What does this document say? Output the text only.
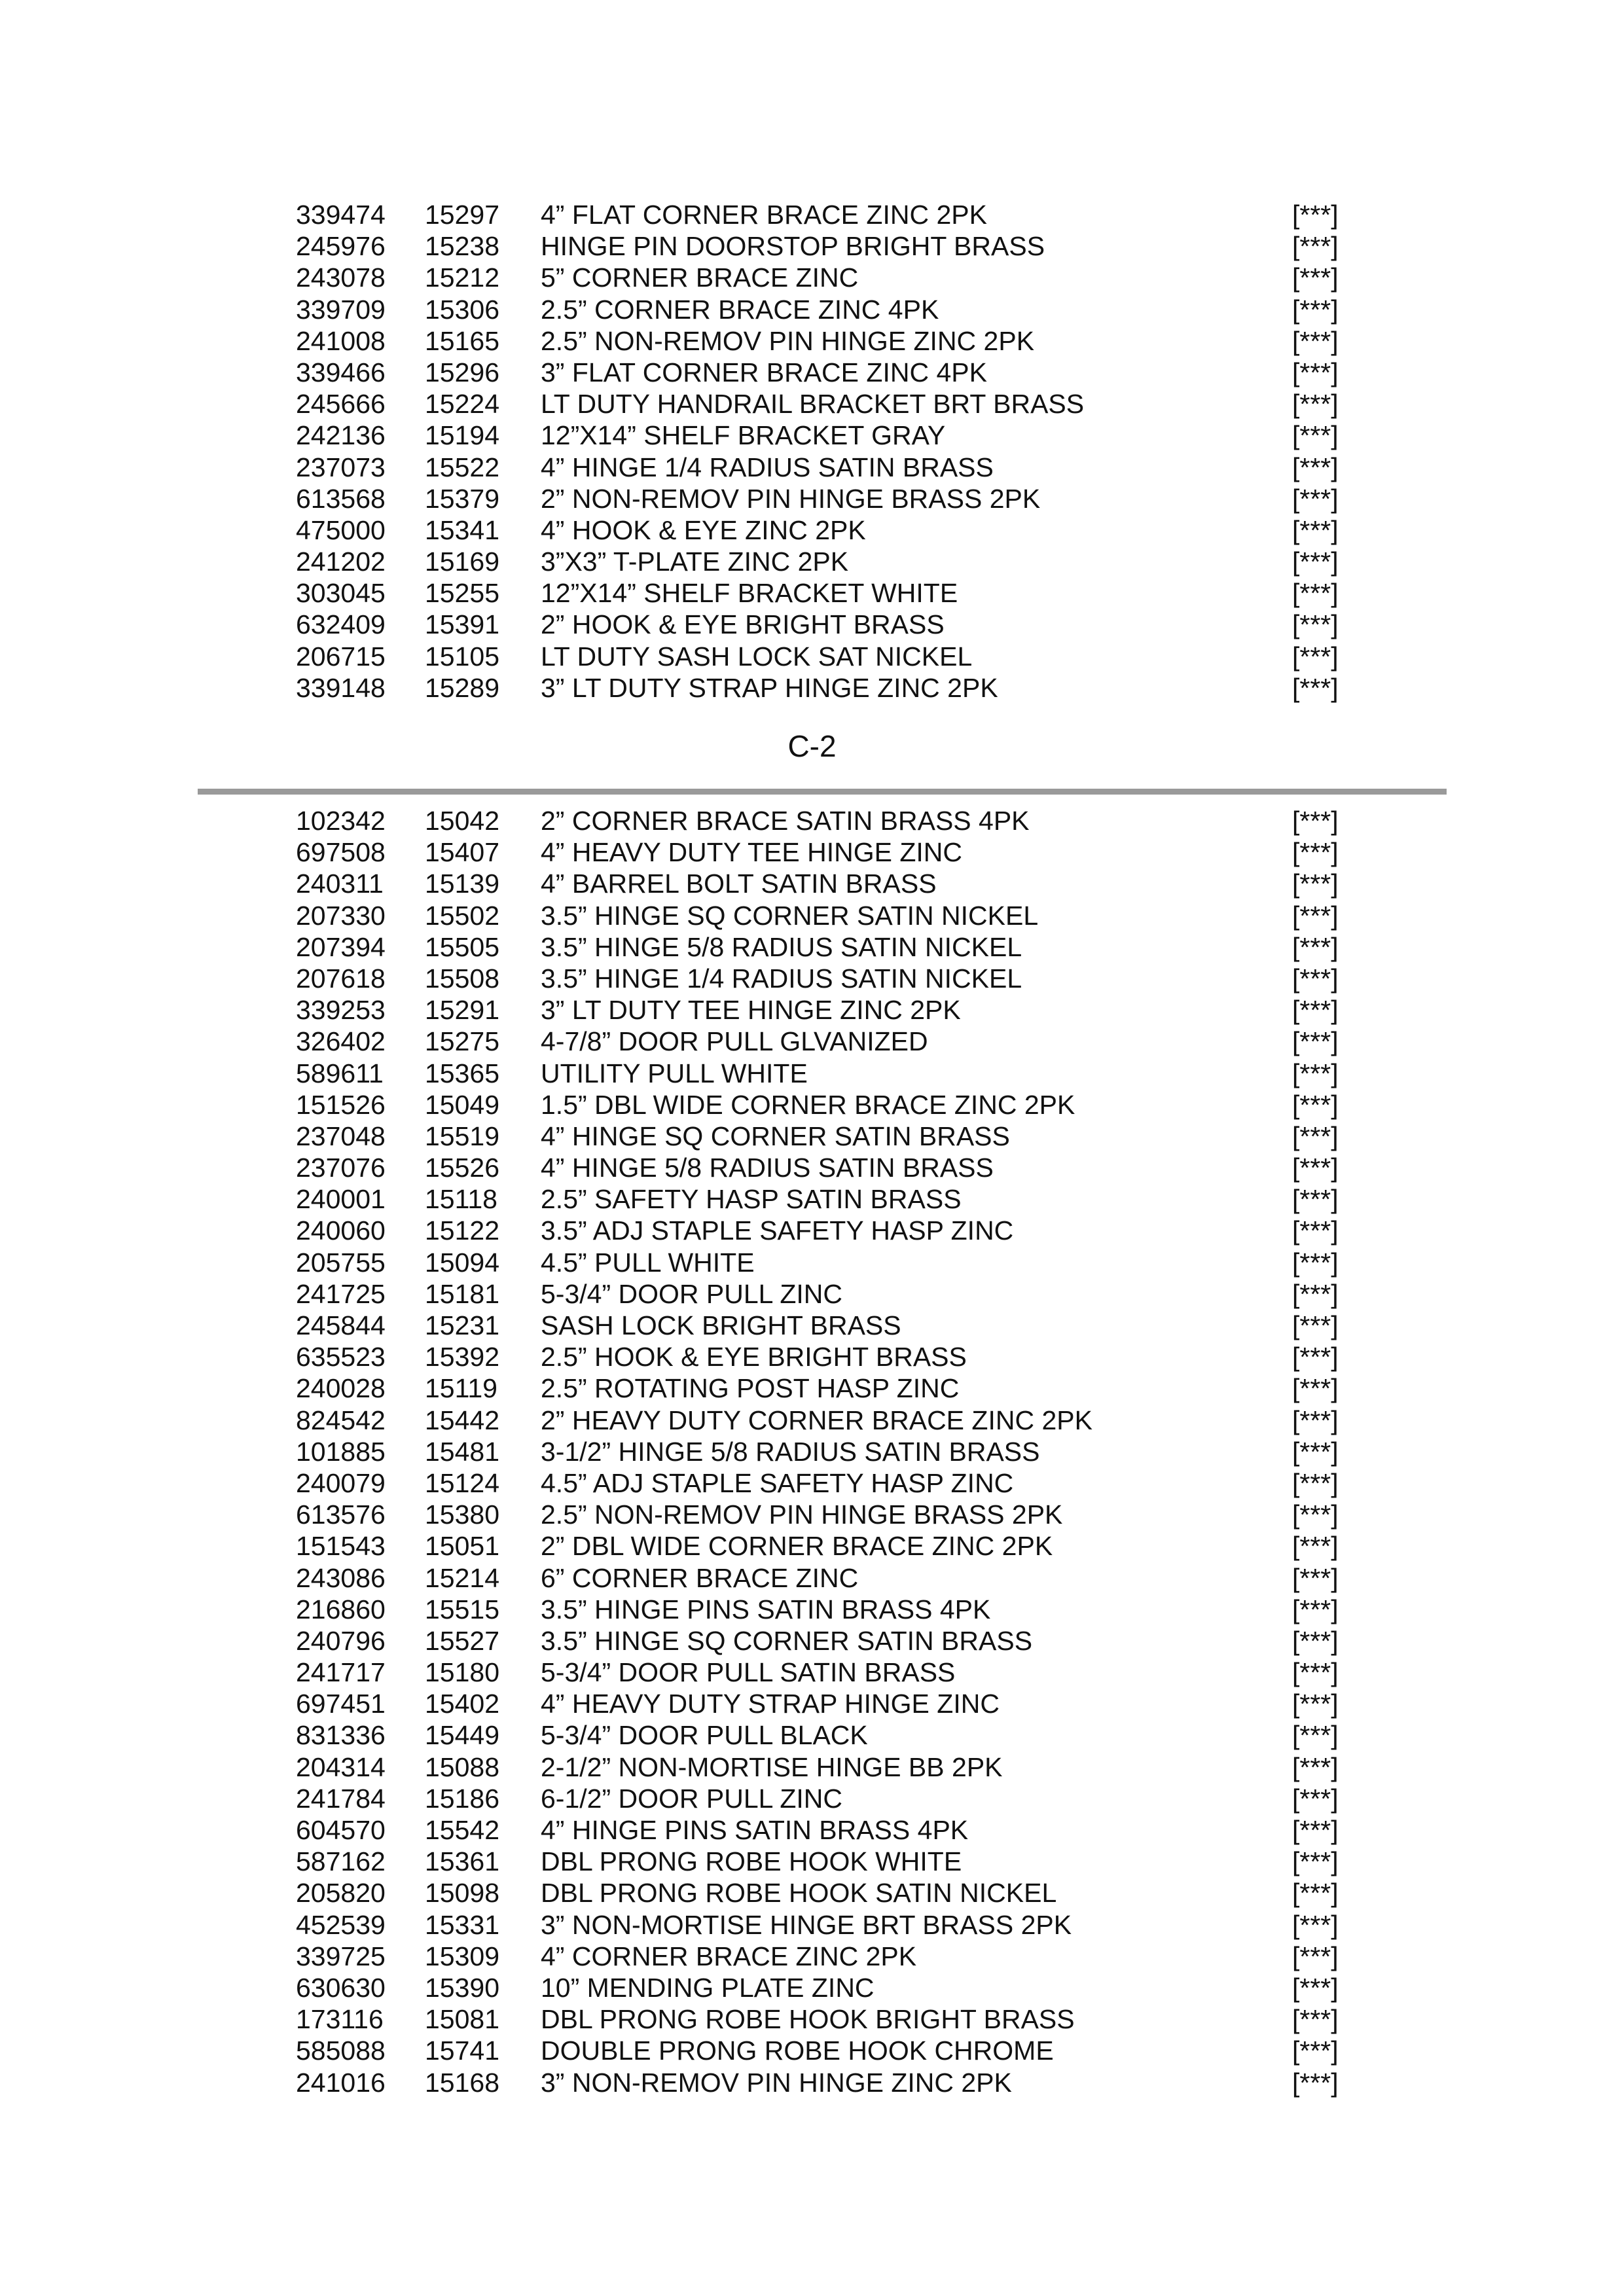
339474 15297 4” FLAT CORNER BRACE ZINC 2PK	[***]
245976 15238 HINGE PIN DOORSTOP BRIGHT BRASS	[***]
243078 15212 5” CORNER BRACE ZINC	[***]
339709 15306 2.5” CORNER BRACE ZINC 4PK	[***]
241008 15165 2.5” NON-REMOV PIN HINGE ZINC 2PK	[***]
339466 15296 3” FLAT CORNER BRACE ZINC 4PK	[***]
245666 15224 LT DUTY HANDRAIL BRACKET BRT BRASS	[***]
242136 15194 12”X14” SHELF BRACKET GRAY	[***]
237073 15522 4” HINGE 1/4 RADIUS SATIN BRASS	[***]
613568 15379 2” NON-REMOV PIN HINGE BRASS 2PK	[***]
475000 15341 4” HOOK & EYE ZINC 2PK	[***]
241202 15169 3”X3” T-PLATE ZINC 2PK	[***]
303045 15255 12”X14” SHELF BRACKET WHITE	[***]
632409 15391 2” HOOK & EYE BRIGHT BRASS	[***]
206715 15105 LT DUTY SASH LOCK SAT NICKEL	[***]
339148 15289 3” LT DUTY STRAP HINGE ZINC 2PK	[***]
C-2
102342 15042 2” CORNER BRACE SATIN BRASS 4PK	[***]
697508 15407 4” HEAVY DUTY TEE HINGE ZINC	[***]
240311 15139 4” BARREL BOLT SATIN BRASS	[***]
207330 15502 3.5” HINGE SQ CORNER SATIN NICKEL	[***]
207394 15505 3.5” HINGE 5/8 RADIUS SATIN NICKEL	[***]
207618 15508 3.5” HINGE 1/4 RADIUS SATIN NICKEL	[***]
339253 15291 3” LT DUTY TEE HINGE ZINC 2PK	[***]
326402 15275 4-7/8” DOOR PULL GLVANIZED	[***]
589611 15365 UTILITY PULL WHITE	[***]
151526 15049 1.5” DBL WIDE CORNER BRACE ZINC 2PK	[***]
237048 15519 4” HINGE SQ CORNER SATIN BRASS	[***]
237076 15526 4” HINGE 5/8 RADIUS SATIN BRASS	[***]
240001 15118 2.5” SAFETY HASP SATIN BRASS	[***]
240060 15122 3.5” ADJ STAPLE SAFETY HASP ZINC	[***]
205755 15094 4.5” PULL WHITE	[***]
241725 15181 5-3/4” DOOR PULL ZINC	[***]
245844 15231 SASH LOCK BRIGHT BRASS	[***]
635523 15392 2.5” HOOK & EYE BRIGHT BRASS	[***]
240028 15119 2.5” ROTATING POST HASP ZINC	[***]
824542 15442 2” HEAVY DUTY CORNER BRACE ZINC 2PK	[***]
101885 15481 3-1/2” HINGE 5/8 RADIUS SATIN BRASS	[***]
240079 15124 4.5” ADJ STAPLE SAFETY HASP ZINC	[***]
613576 15380 2.5” NON-REMOV PIN HINGE BRASS 2PK	[***]
151543 15051 2” DBL WIDE CORNER BRACE ZINC 2PK	[***]
243086 15214 6” CORNER BRACE ZINC	[***]
216860 15515 3.5” HINGE PINS SATIN BRASS 4PK	[***]
240796 15527 3.5” HINGE SQ CORNER SATIN BRASS	[***]
241717 15180 5-3/4” DOOR PULL SATIN BRASS	[***]
697451 15402 4” HEAVY DUTY STRAP HINGE ZINC	[***]
831336 15449 5-3/4” DOOR PULL BLACK	[***]
204314 15088 2-1/2” NON-MORTISE HINGE BB 2PK	[***]
241784 15186 6-1/2” DOOR PULL ZINC	[***]
604570 15542 4” HINGE PINS SATIN BRASS 4PK	[***]
587162 15361 DBL PRONG ROBE HOOK WHITE	[***]
205820 15098 DBL PRONG ROBE HOOK SATIN NICKEL	[***]
452539 15331 3” NON-MORTISE HINGE BRT BRASS 2PK	[***]
339725 15309 4” CORNER BRACE ZINC 2PK	[***]
630630 15390 10” MENDING PLATE ZINC	[***]
173116 15081 DBL PRONG ROBE HOOK BRIGHT BRASS	[***]
585088 15741 DOUBLE PRONG ROBE HOOK CHROME	[***]
241016 15168 3” NON-REMOV PIN HINGE ZINC 2PK	[***]
